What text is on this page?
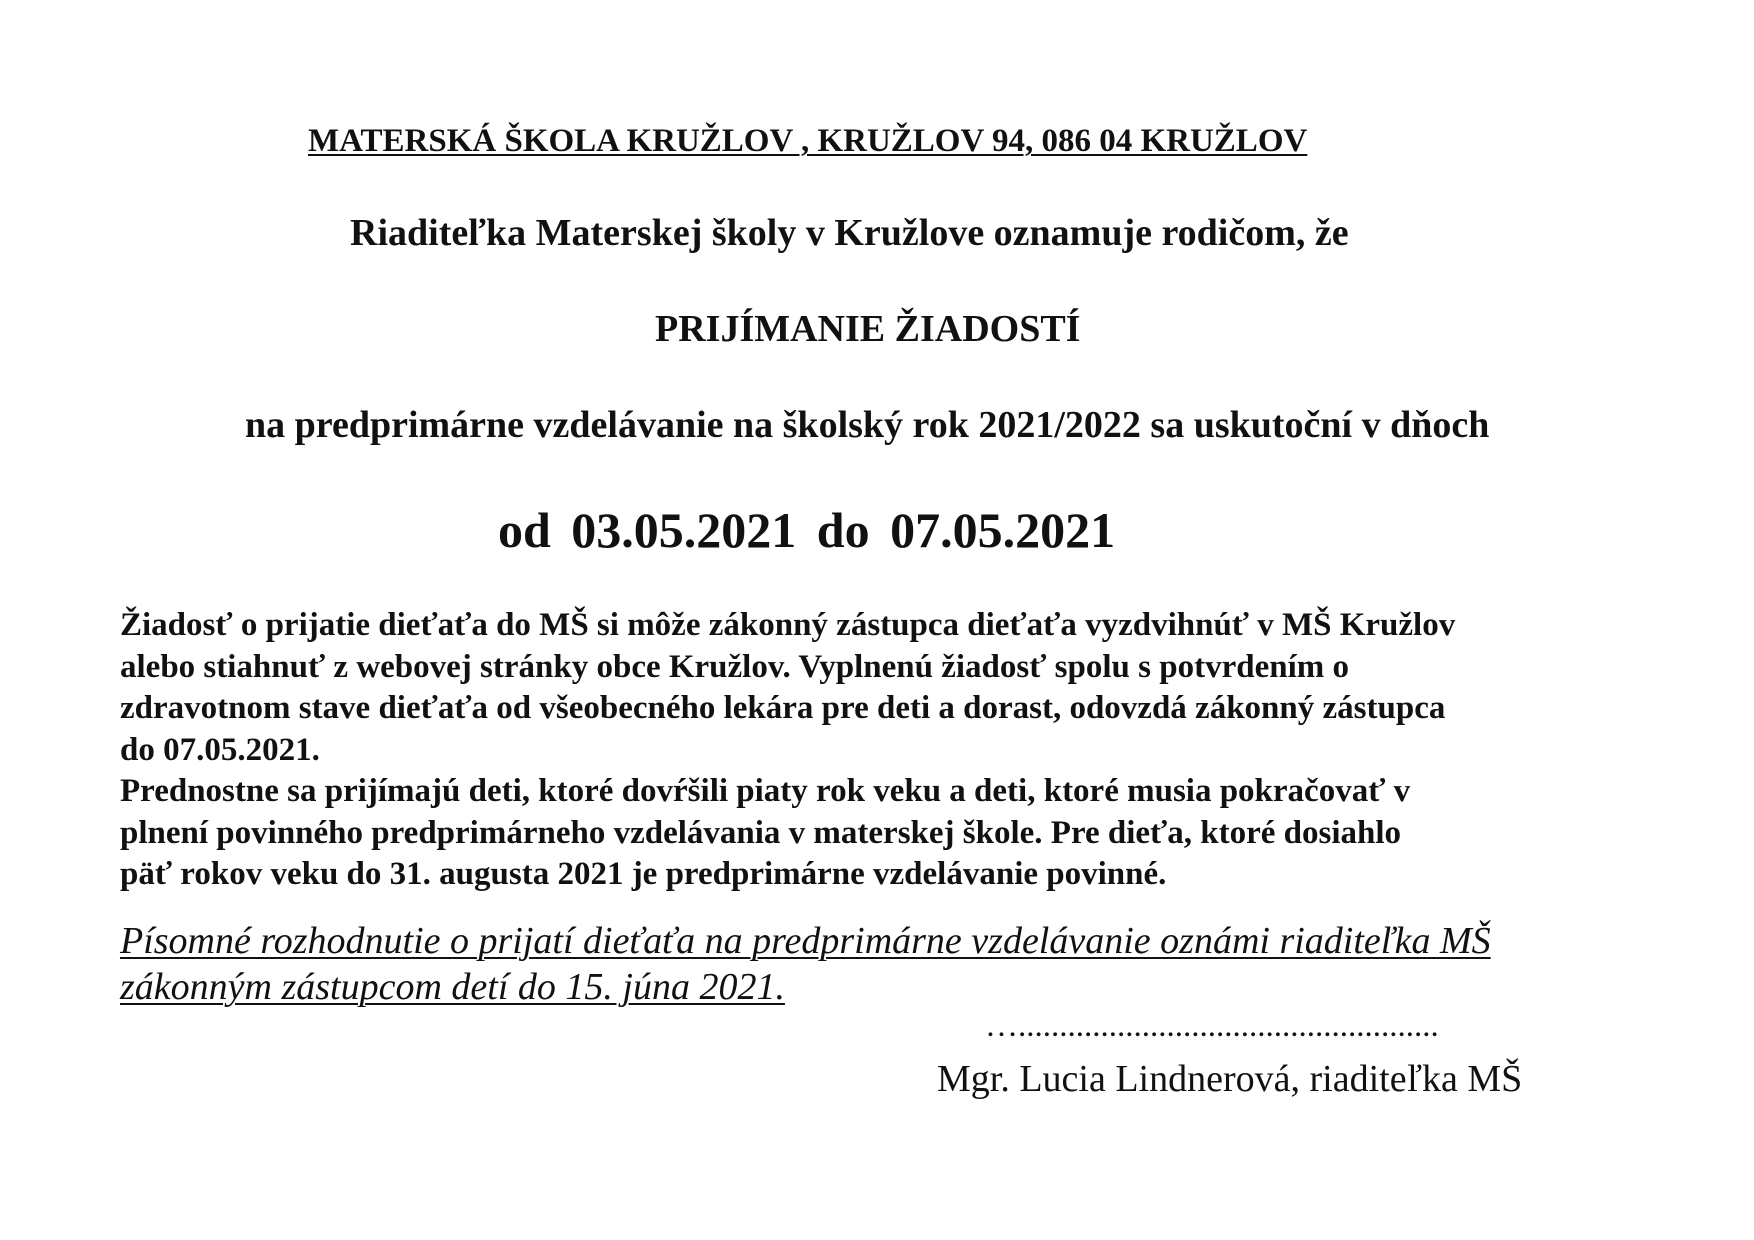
MATERSKÁ ŠKOLA KRUŽLOV , KRUŽLOV 94, 086 04 KRUŽLOV

Riaditeľka Materskej školy v Kružlove oznamuje rodičom, že

PRIJÍMANIE ŽIADOSTÍ

na predprimárne vzdelávanie na školský rok 2021/2022 sa uskutoční v dňoch

od 03.05.2021 do 07.05.2021

Žiadosť o prijatie dieťaťa do MŠ si môže zákonný zástupca dieťaťa vyzdvihnúť v MŠ Kružlov
alebo stiahnuť z webovej stránky obce Kružlov. Vyplnenú žiadosť spolu s potvrdením o
zdravotnom stave dieťaťa od všeobecného lekára pre deti a dorast, odovzdá zákonný zástupca
do 07.05.2021.
Prednostne sa prijímajú deti, ktoré dovŕšili piaty rok veku a deti, ktoré musia pokračovať v
plnení povinného predprimárneho vzdelávania v materskej škole. Pre dieťa, ktoré dosiahlo
päť rokov veku do 31. augusta 2021 je predprimárne vzdelávanie povinné.

Písomné rozhodnutie o prijatí dieťaťa na predprimárne vzdelávanie oznámi riaditeľka MŠ
zákonným zástupcom detí do 15. júna 2021.

…...................................................

Mgr. Lucia Lindnerová, riaditeľka MŠ
